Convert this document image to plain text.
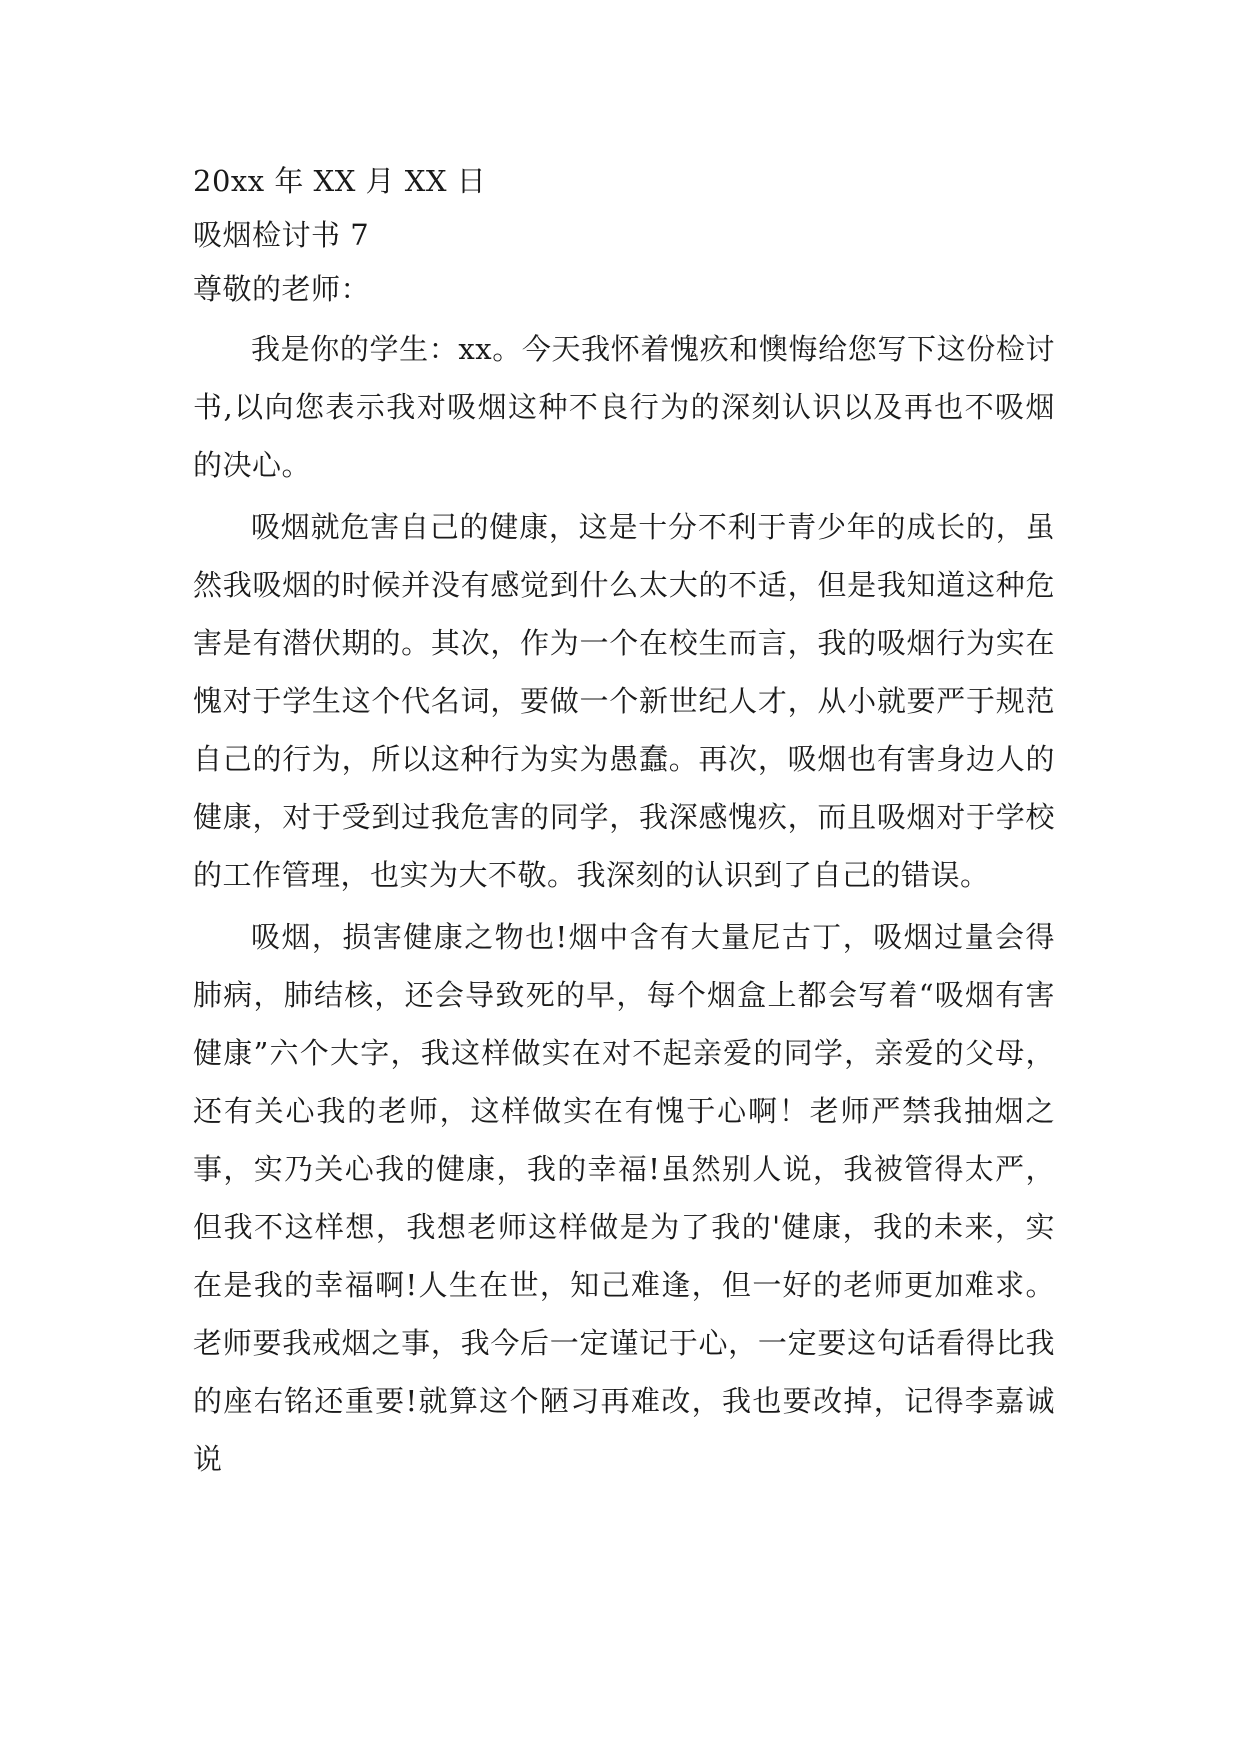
20xx 年 XX 月 XX 日
吸烟检讨书 7
尊敬的老师：

我是你的学生：xx。今天我怀着愧疚和懊悔给您写下这份检讨书,以向您表示我对吸烟这种不良行为的深刻认识以及再也不吸烟的决心。

吸烟就危害自己的健康，这是十分不利于青少年的成长的，虽然我吸烟的时候并没有感觉到什么太大的不适，但是我知道这种危害是有潜伏期的。其次，作为一个在校生而言，我的吸烟行为实在愧对于学生这个代名词，要做一个新世纪人才，从小就要严于规范自己的行为，所以这种行为实为愚蠢。再次，吸烟也有害身边人的健康，对于受到过我危害的同学，我深感愧疚，而且吸烟对于学校的工作管理，也实为大不敬。我深刻的认识到了自己的错误。

吸烟，损害健康之物也!烟中含有大量尼古丁，吸烟过量会得肺病，肺结核，还会导致死的早，每个烟盒上都会写着“吸烟有害健康”六个大字，我这样做实在对不起亲爱的同学，亲爱的父母，还有关心我的老师，这样做实在有愧于心啊！老师严禁我抽烟之事，实乃关心我的健康，我的幸福!虽然别人说，我被管得太严，但我不这样想，我想老师这样做是为了我的'健康，我的未来，实在是我的幸福啊!人生在世，知己难逢，但一好的老师更加难求。 老师要我戒烟之事，我今后一定谨记于心，一定要这句话看得比我的座右铭还重要!就算这个陋习再难改，我也要改掉，记得李嘉诚说
